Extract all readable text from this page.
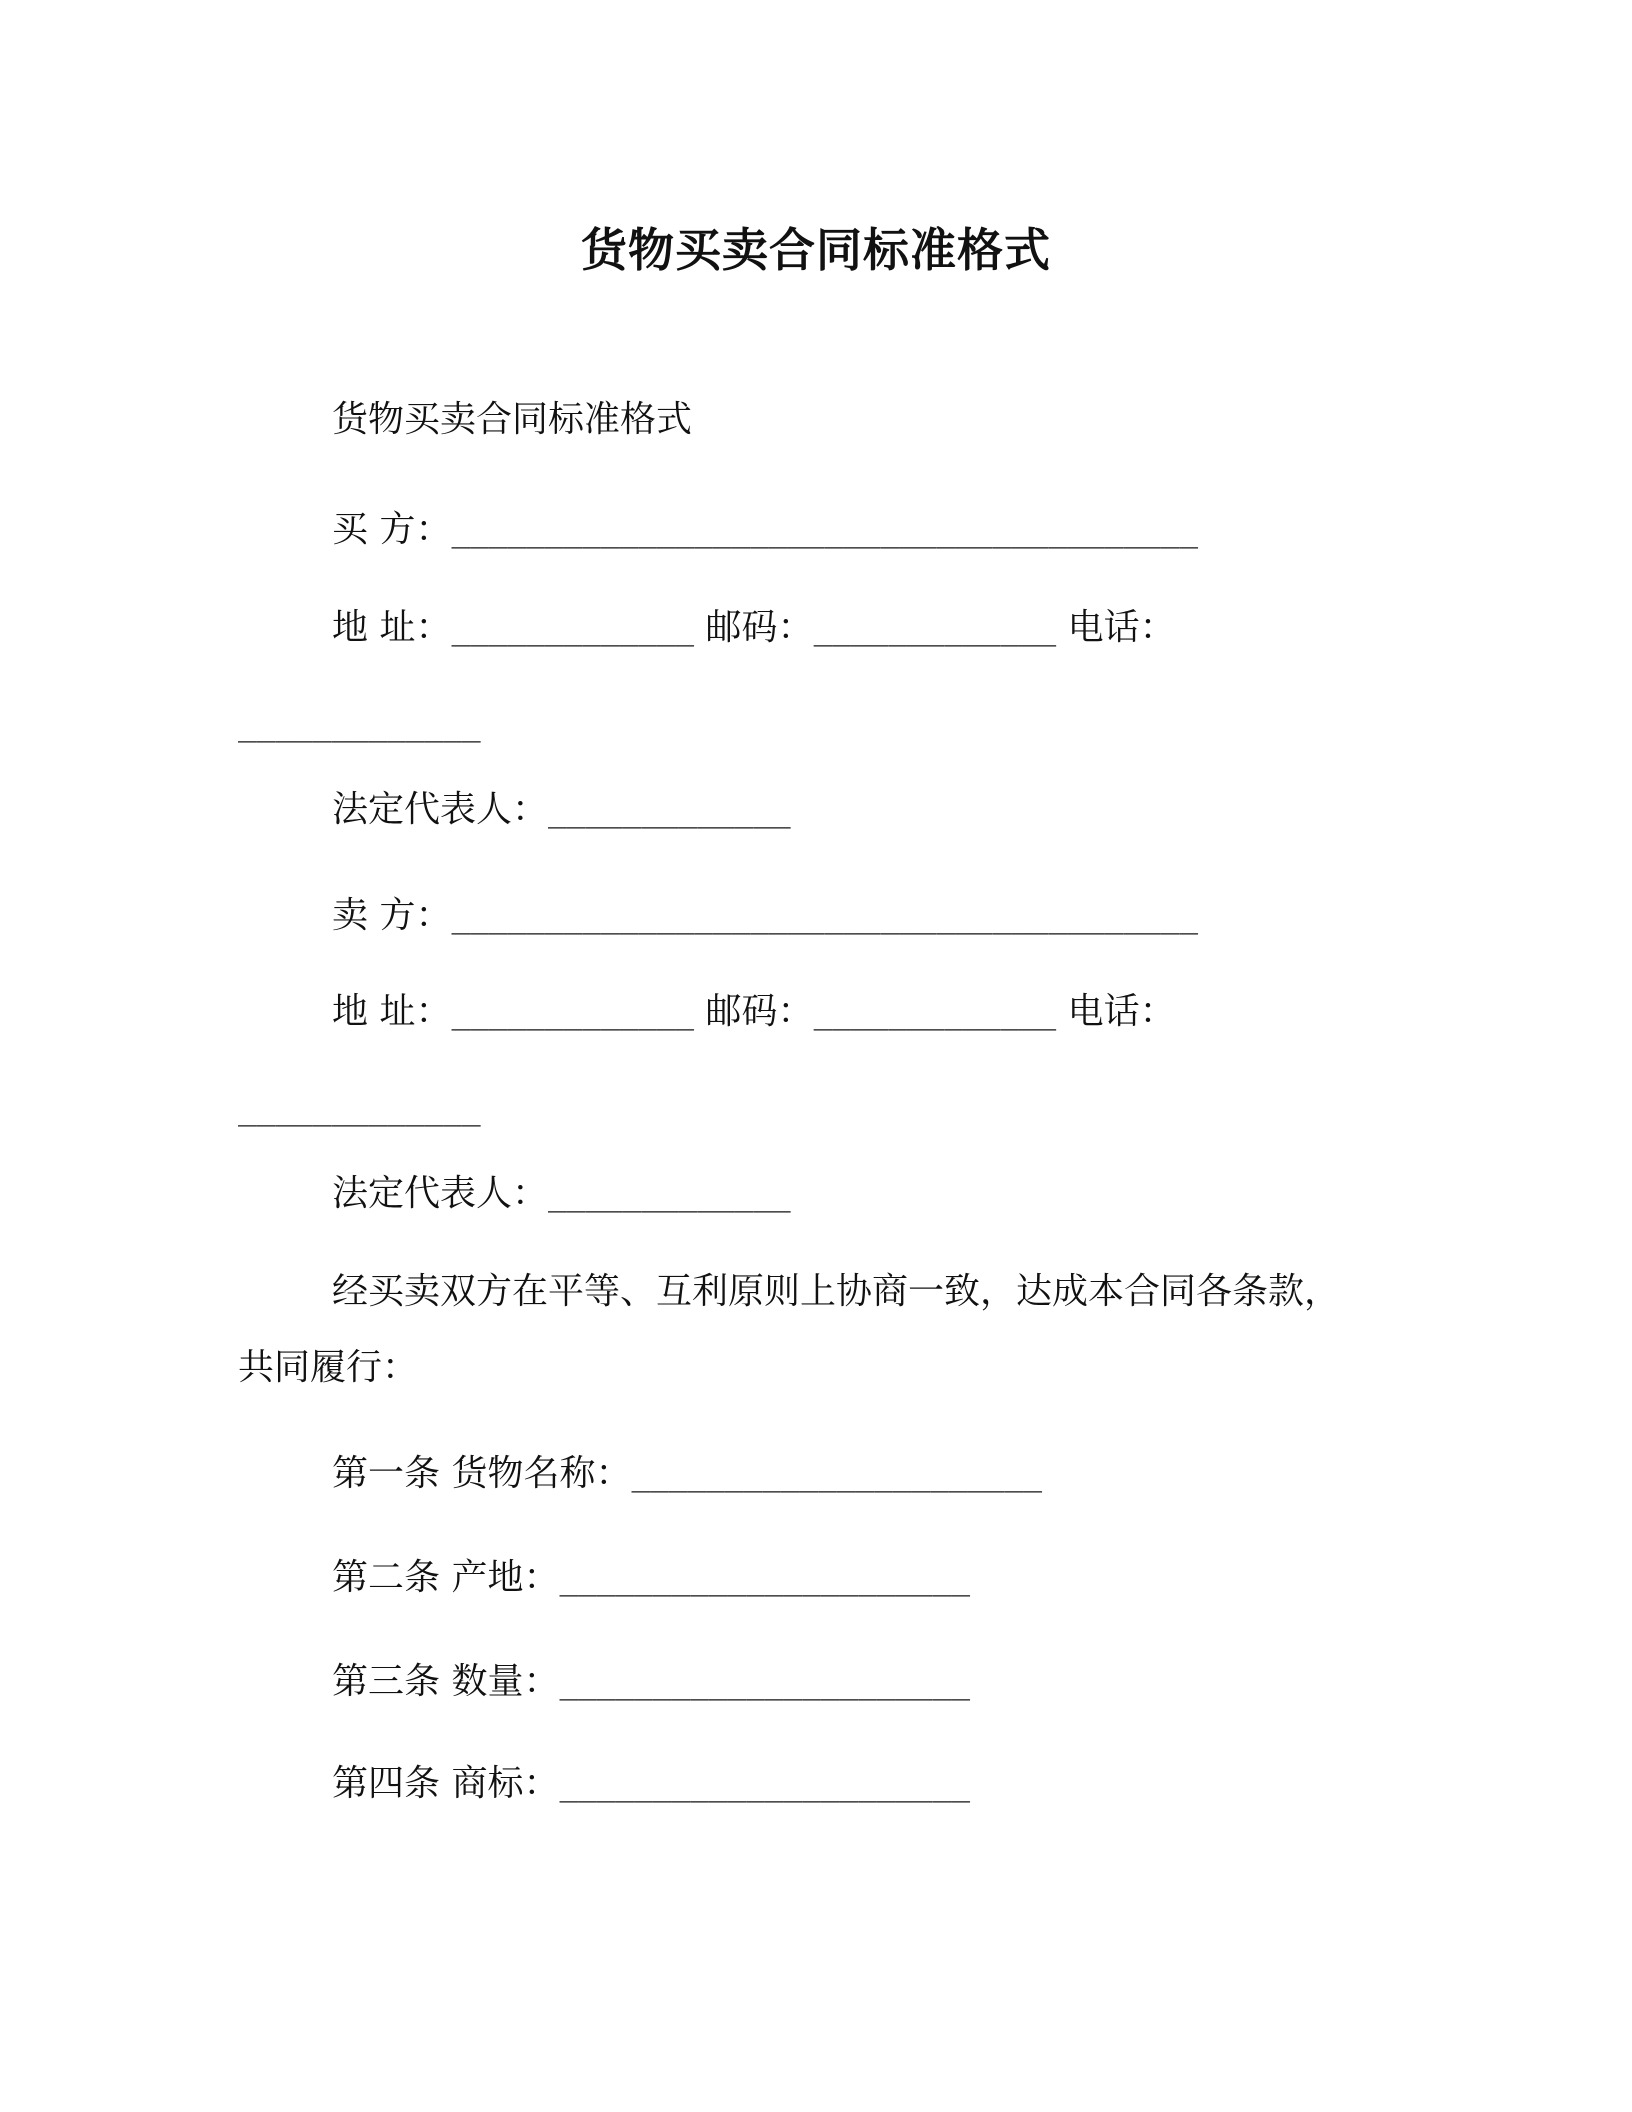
货物买卖合同标准格式
货物买卖合同标准格式
买 方：________________________________________
地 址：_____________ 邮码：_____________ 电话：
_____________
法定代表人：_____________
卖 方：________________________________________
地 址：_____________ 邮码：_____________ 电话：
_____________
法定代表人：_____________
经买卖双方在平等、互利原则上协商一致，达成本合同各条款，
共同履行：
第一条 货物名称：______________________
第二条 产地：______________________
第三条 数量：______________________
第四条 商标：______________________
